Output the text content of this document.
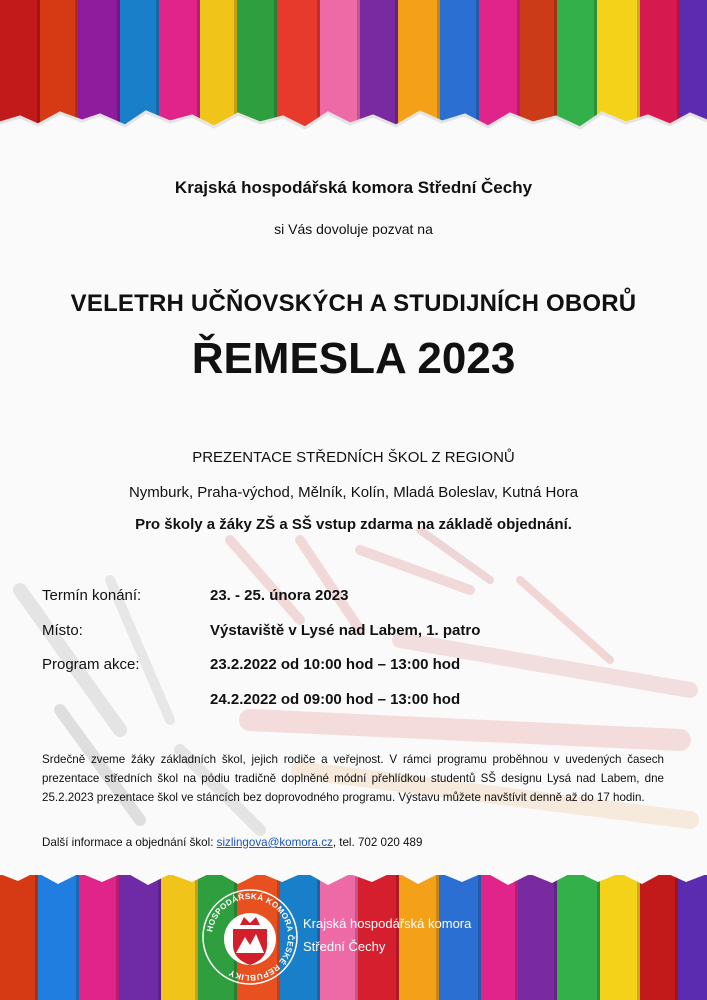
Krajská hospodářská komora Střední Čechy
si Vás dovoluje pozvat na
VELETRH UČŇOVSKÝCH A STUDIJNÍCH OBORŮ
ŘEMESLA 2023
PREZENTACE STŘEDNÍCH ŠKOL Z REGIONŮ
Nymburk, Praha-východ, Mělník, Kolín, Mladá Boleslav, Kutná Hora
Pro školy a žáky ZŠ a SŠ vstup zdarma na základě objednání.
Termín konání:	23. - 25. února 2023
Místo:	Výstaviště v Lysé nad Labem, 1. patro
Program akce:	23.2.2022 od 10:00 hod – 13:00 hod
24.2.2022 od 09:00 hod – 13:00 hod
Srdečně zveme žáky základních škol, jejich rodiče a veřejnost. V rámci programu proběhnou v uvedených časech prezentace středních škol na pódiu tradičně doplněné módní přehlídkou studentů SŠ designu Lysá nad Labem, dne 25.2.2023 prezentace škol ve stáncích bez doprovodného programu. Výstavu můžete navštívit denně až do 17 hodin.
Další informace a objednání škol: sizlingova@komora.cz, tel. 702 020 489
HOSPODÁŘSKÁ KOMORA ČESKÉ REPUBLIKY
Krajská hospodářská komora
Střední Čechy
